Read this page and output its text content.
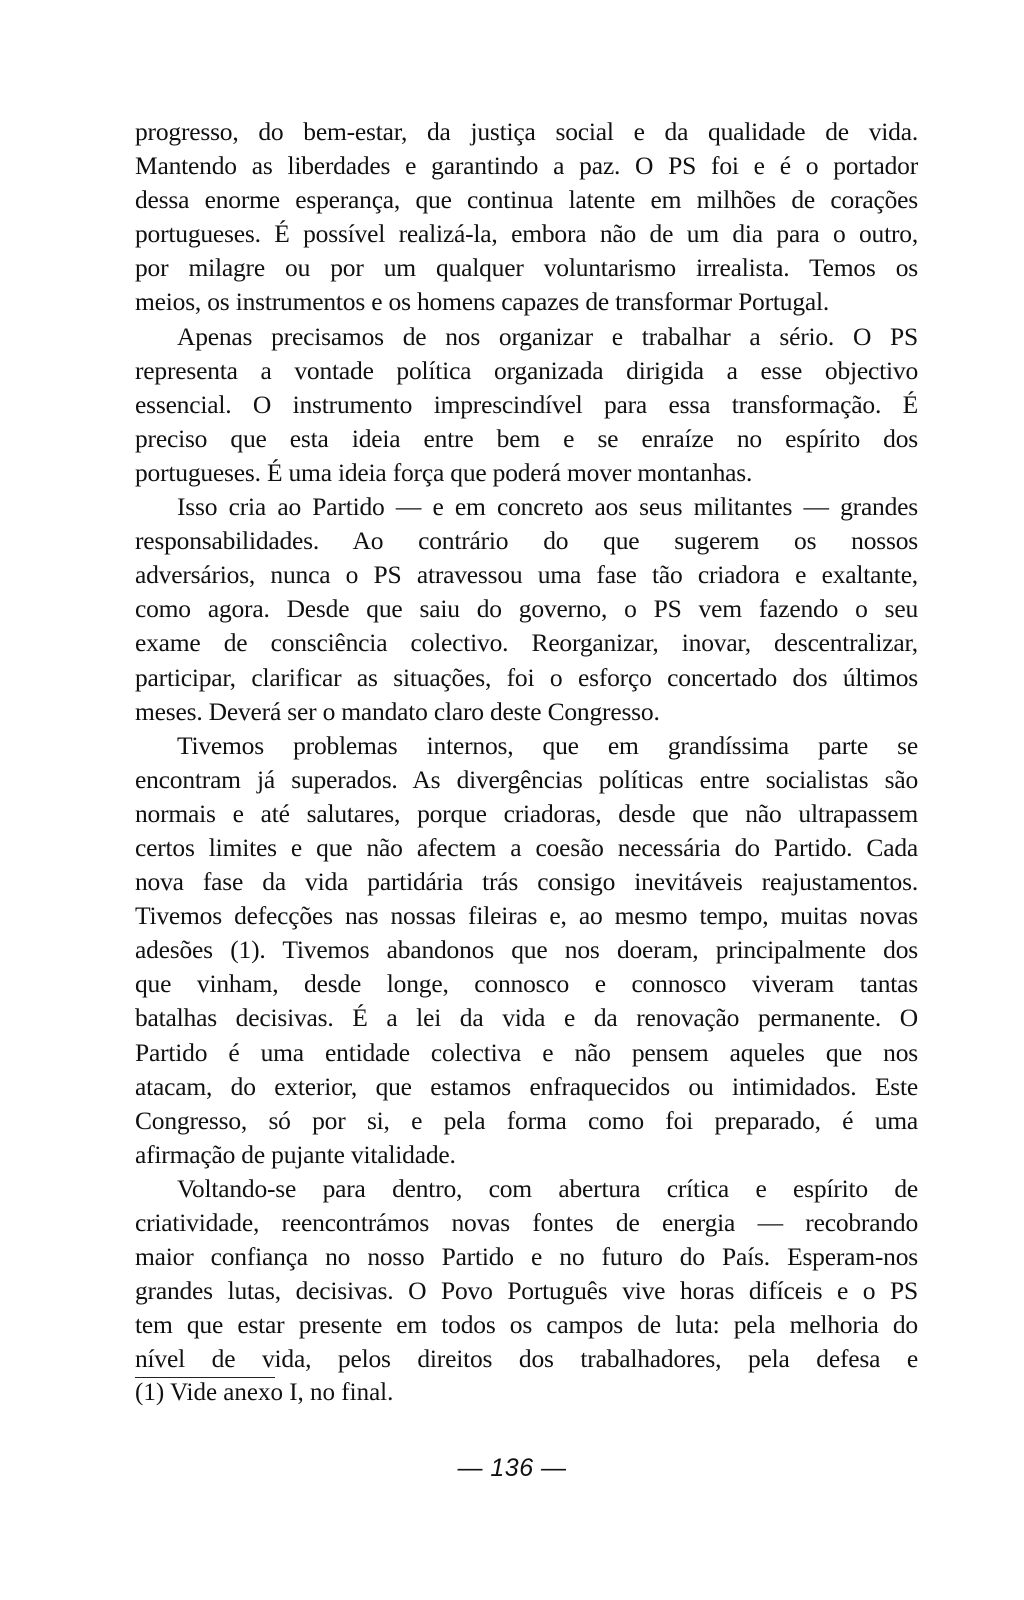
progresso, do bem-estar, da justiça social e da qualidade de vida.
Mantendo as liberdades e garantindo a paz. O PS foi e é o portador
dessa enorme esperança, que continua latente em milhões de corações
portugueses. É possível realizá-la, embora não de um dia para o outro,
por milagre ou por um qualquer voluntarismo irrealista. Temos os
meios, os instrumentos e os homens capazes de transformar Portugal.
Apenas precisamos de nos organizar e trabalhar a sério. O PS
representa a vontade política organizada dirigida a esse objectivo
essencial. O instrumento imprescindível para essa transformação. É
preciso que esta ideia entre bem e se enraíze no espírito dos
portugueses. É uma ideia força que poderá mover montanhas.
Isso cria ao Partido — e em concreto aos seus militantes — grandes
responsabilidades. Ao contrário do que sugerem os nossos
adversários, nunca o PS atravessou uma fase tão criadora e exaltante,
como agora. Desde que saiu do governo, o PS vem fazendo o seu
exame de consciência colectivo. Reorganizar, inovar, descentralizar,
participar, clarificar as situações, foi o esforço concertado dos últimos
meses. Deverá ser o mandato claro deste Congresso.
Tivemos problemas internos, que em grandíssima parte se
encontram já superados. As divergências políticas entre socialistas são
normais e até salutares, porque criadoras, desde que não ultrapassem
certos limites e que não afectem a coesão necessária do Partido. Cada
nova fase da vida partidária trás consigo inevitáveis reajustamentos.
Tivemos defecções nas nossas fileiras e, ao mesmo tempo, muitas novas
adesões (1). Tivemos abandonos que nos doeram, principalmente dos
que vinham, desde longe, connosco e connosco viveram tantas
batalhas decisivas. É a lei da vida e da renovação permanente. O
Partido é uma entidade colectiva e não pensem aqueles que nos
atacam, do exterior, que estamos enfraquecidos ou intimidados. Este
Congresso, só por si, e pela forma como foi preparado, é uma
afirmação de pujante vitalidade.
Voltando-se para dentro, com abertura crítica e espírito de
criatividade, reencontrámos novas fontes de energia — recobrando
maior confiança no nosso Partido e no futuro do País. Esperam-nos
grandes lutas, decisivas. O Povo Português vive horas difíceis e o PS
tem que estar presente em todos os campos de luta: pela melhoria do
nível de vida, pelos direitos dos trabalhadores, pela defesa e

(1) Vide anexo I, no final.

— 136 —
